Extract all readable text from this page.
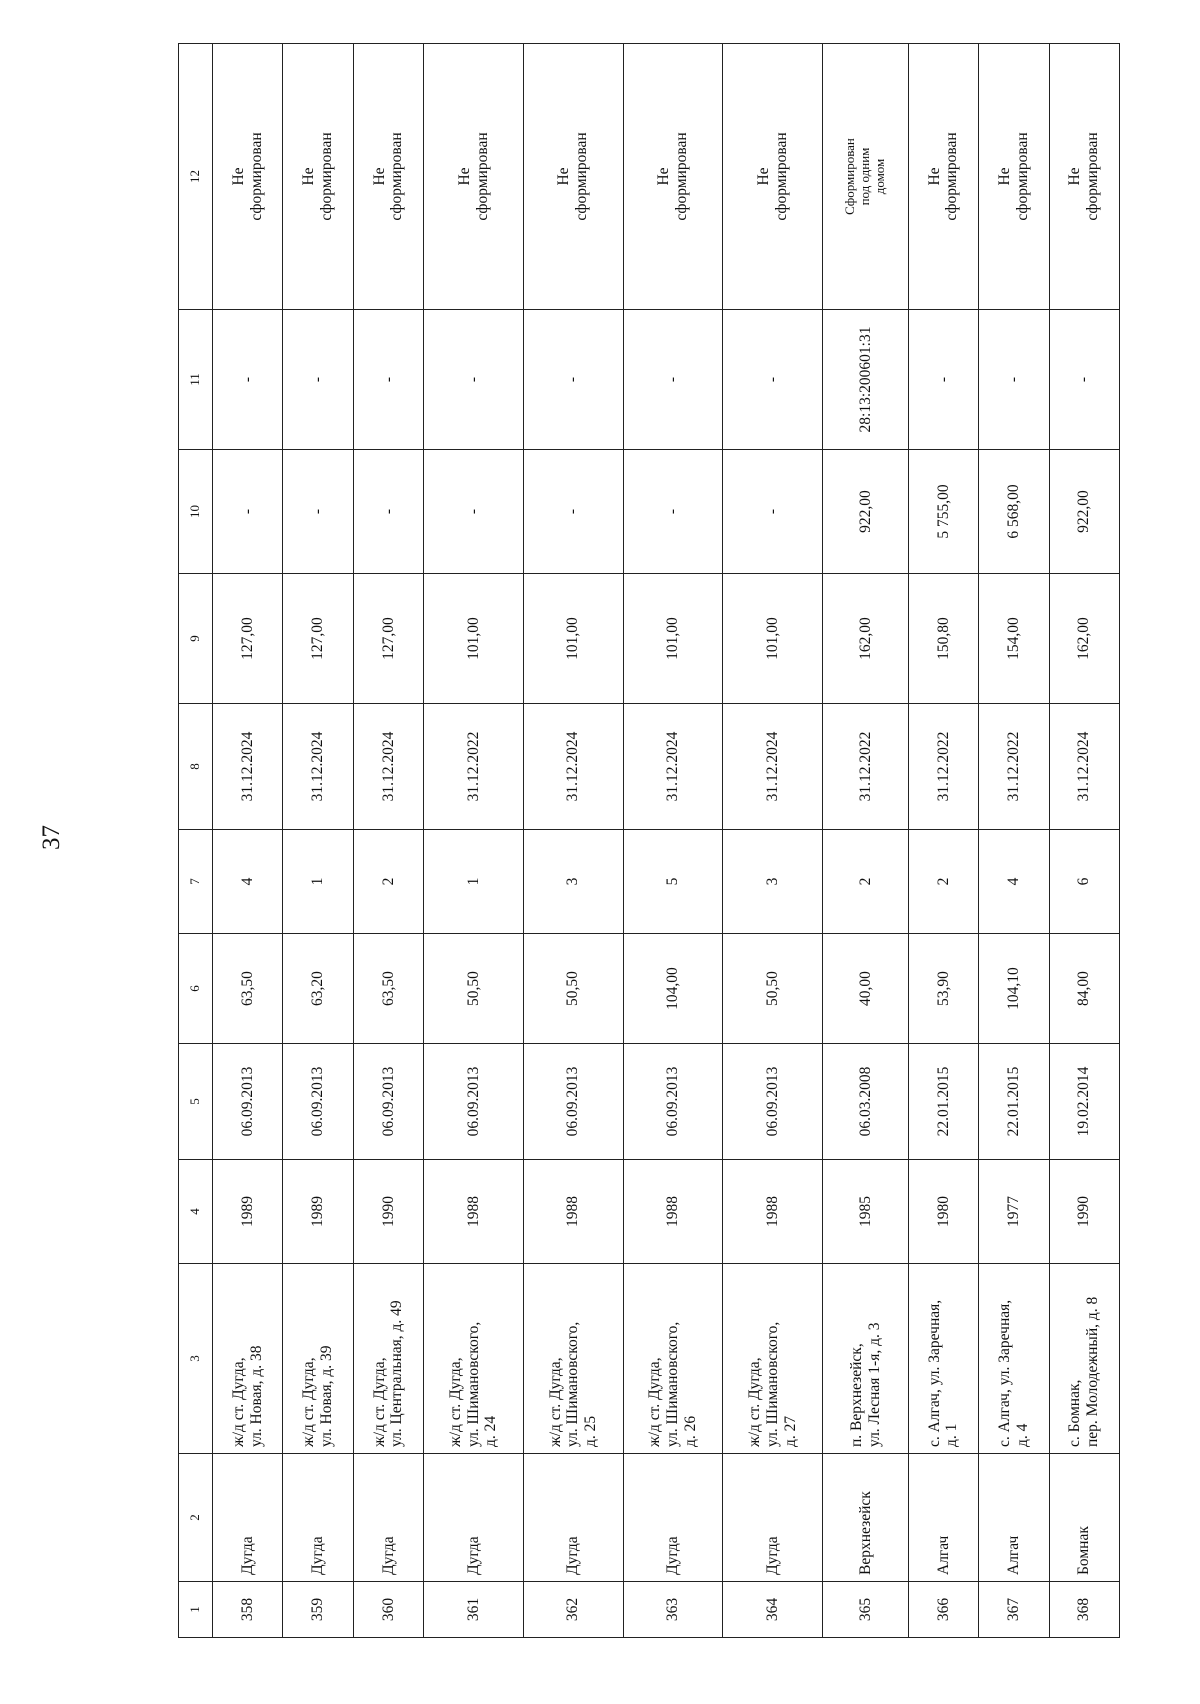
37
1	2	3	4	5	6	7	8	9	10	11	12
358	Дугда	ж/д ст. Дугда,
ул. Новая, д. 38	1989	06.09.2013	63,50	4	31.12.2024	127,00	-	-	Не
сформирован
359	Дугда	ж/д ст. Дугда,
ул. Новая, д. 39	1989	06.09.2013	63,20	1	31.12.2024	127,00	-	-	Не
сформирован
360	Дугда	ж/д ст. Дугда,
ул. Центральная, д. 49	1990	06.09.2013	63,50	2	31.12.2024	127,00	-	-	Не
сформирован
361	Дугда	ж/д ст. Дугда,
ул. Шимановского,
д. 24	1988	06.09.2013	50,50	1	31.12.2022	101,00	-	-	Не
сформирован
362	Дугда	ж/д ст. Дугда,
ул. Шимановского,
д. 25	1988	06.09.2013	50,50	3	31.12.2024	101,00	-	-	Не
сформирован
363	Дугда	ж/д ст. Дугда,
ул. Шимановского,
д. 26	1988	06.09.2013	104,00	5	31.12.2024	101,00	-	-	Не
сформирован
364	Дугда	ж/д ст. Дугда,
ул. Шимановского,
д. 27	1988	06.09.2013	50,50	3	31.12.2024	101,00	-	-	Не
сформирован
365	Верхнезейск	п. Верхнезейск,
ул. Лесная 1-я, д. 3	1985	06.03.2008	40,00	2	31.12.2022	162,00	922,00	28:13:200601:31	Сформирован
под одним
домом
366	Алгач	с. Алгач, ул. Заречная,
д. 1	1980	22.01.2015	53,90	2	31.12.2022	150,80	5 755,00	-	Не
сформирован
367	Алгач	с. Алгач, ул. Заречная,
д. 4	1977	22.01.2015	104,10	4	31.12.2022	154,00	6 568,00	-	Не
сформирован
368	Бомнак	с. Бомнак,
пер. Молодежный, д. 8	1990	19.02.2014	84,00	6	31.12.2024	162,00	922,00	-	Не
сформирован
